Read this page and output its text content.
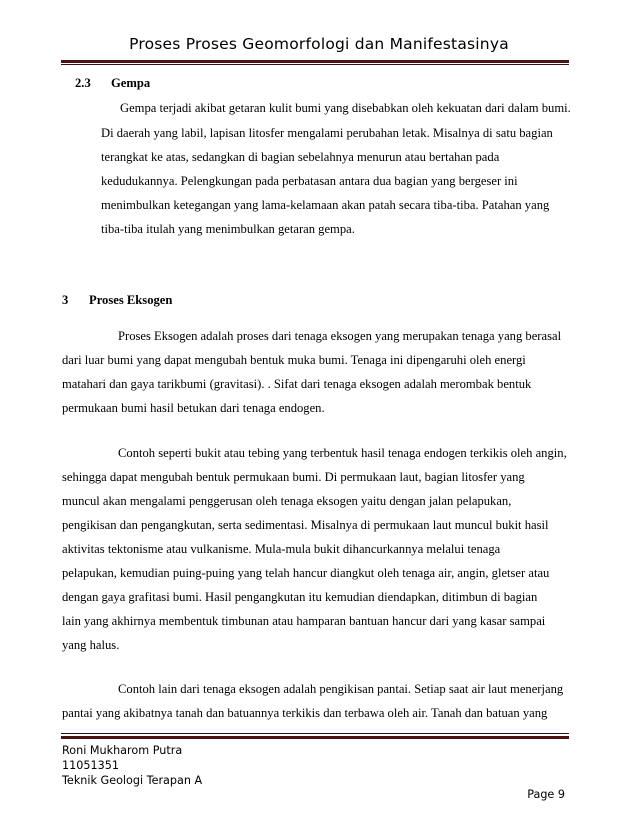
Proses Proses Geomorfologi dan Manifestasinya
2.3 Gempa
Gempa terjadi akibat getaran kulit bumi yang disebabkan oleh kekuatan dari dalam bumi.
Di daerah yang labil, lapisan litosfer mengalami perubahan letak. Misalnya di satu bagian
terangkat ke atas, sedangkan di bagian sebelahnya menurun atau bertahan pada
kedudukannya. Pelengkungan pada perbatasan antara dua bagian yang bergeser ini
menimbulkan ketegangan yang lama-kelamaan akan patah secara tiba-tiba. Patahan yang
tiba-tiba itulah yang menimbulkan getaran gempa.
3 Proses Eksogen
Proses Eksogen adalah proses dari tenaga eksogen yang merupakan tenaga yang berasal
dari luar bumi yang dapat mengubah bentuk muka bumi. Tenaga ini dipengaruhi oleh energi
matahari dan gaya tarikbumi (gravitasi). . Sifat dari tenaga eksogen adalah merombak bentuk
permukaan bumi hasil betukan dari tenaga endogen.
Contoh seperti bukit atau tebing yang terbentuk hasil tenaga endogen terkikis oleh angin,
sehingga dapat mengubah bentuk permukaan bumi. Di permukaan laut, bagian litosfer yang
muncul akan mengalami penggerusan oleh tenaga eksogen yaitu dengan jalan pelapukan,
pengikisan dan pengangkutan, serta sedimentasi. Misalnya di permukaan laut muncul bukit hasil
aktivitas tektonisme atau vulkanisme. Mula-mula bukit dihancurkannya melalui tenaga
pelapukan, kemudian puing-puing yang telah hancur diangkut oleh tenaga air, angin, gletser atau
dengan gaya grafitasi bumi. Hasil pengangkutan itu kemudian diendapkan, ditimbun di bagian
lain yang akhirnya membentuk timbunan atau hamparan bantuan hancur dari yang kasar sampai
yang halus.
Contoh lain dari tenaga eksogen adalah pengikisan pantai. Setiap saat air laut menerjang
pantai yang akibatnya tanah dan batuannya terkikis dan terbawa oleh air. Tanah dan batuan yang
Roni Mukharom Putra
11051351
Teknik Geologi Terapan A
Page 9
